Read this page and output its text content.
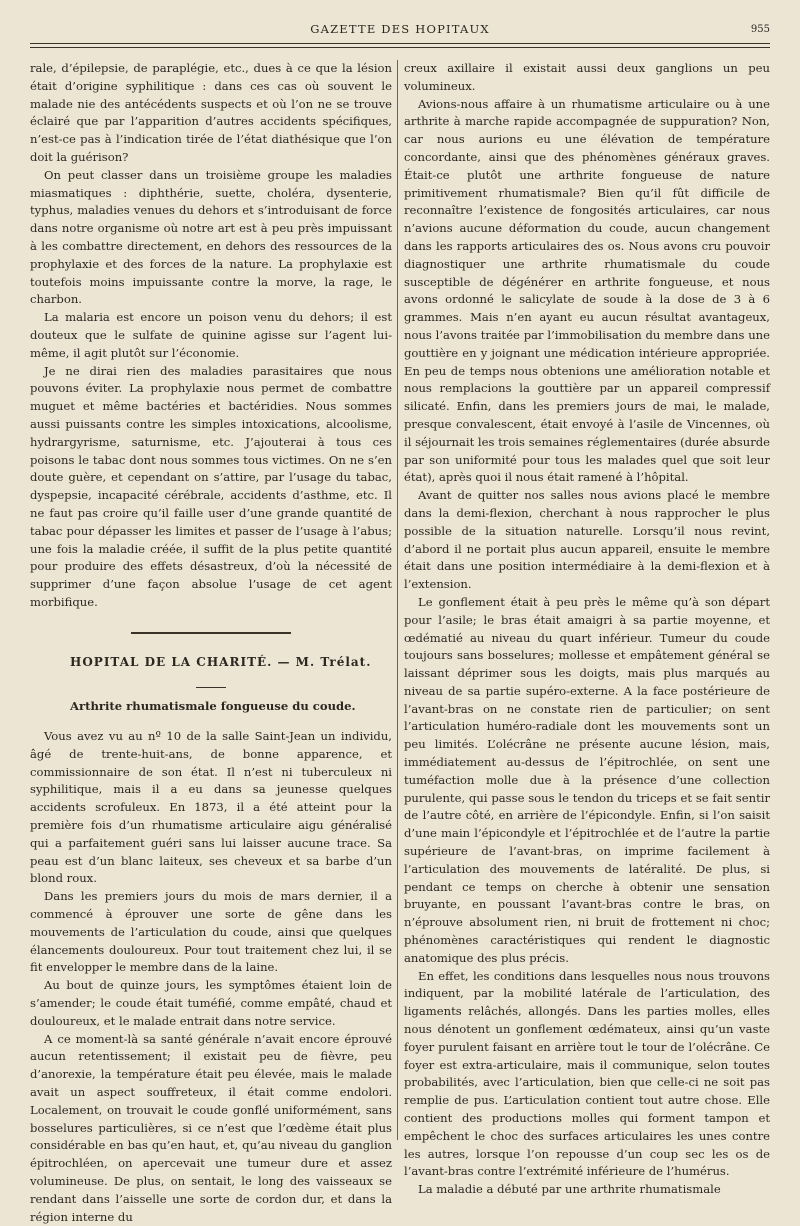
GAZETTE DES HOPITAUX	955

rale, d’épilepsie, de paraplégie, etc., dues à ce que la lésion était d’origine syphilitique : dans ces cas où souvent le malade nie des antécédents suspects et où l’on ne se trouve éclairé que par l’apparition d’autres accidents spécifiques, n’est-ce pas à l’indication tirée de l’état diathésique que l’on doit la guérison?

On peut classer dans un troisième groupe les maladies miasmatiques : diphthérie, suette, choléra, dysenterie, typhus, maladies venues du dehors et s’introduisant de force dans notre organisme où notre art est à peu près impuissant à les combattre directement, en dehors des ressources de la prophylaxie et des forces de la nature. La prophylaxie est toutefois moins impuissante contre la morve, la rage, le charbon.

La malaria est encore un poison venu du dehors; il est douteux que le sulfate de quinine agisse sur l’agent lui-même, il agit plutôt sur l’économie.

Je ne dirai rien des maladies parasitaires que nous pouvons éviter. La prophylaxie nous permet de combattre muguet et même bactéries et bactéridies. Nous sommes aussi puissants contre les simples intoxications, alcoolisme, hydrargyrisme, saturnisme, etc. J’ajouterai à tous ces poisons le tabac dont nous sommes tous victimes. On ne s’en doute guère, et cependant on s’attire, par l’usage du tabac, dyspepsie, incapacité cérébrale, accidents d’asthme, etc. Il ne faut pas croire qu’il faille user d’une grande quantité de tabac pour dépasser les limites et passer de l’usage à l’abus; une fois la maladie créée, il suffit de la plus petite quantité pour produire des effets désastreux, d’où la nécessité de supprimer d’une façon absolue l’usage de cet agent morbifique.

HOPITAL DE LA CHARITÉ. — M. Trélat.
Arthrite rhumatismale fongueuse du coude.

Vous avez vu au nº 10 de la salle Saint-Jean un individu, âgé de trente-huit-ans, de bonne apparence, et commissionnaire de son état. Il n’est ni tuberculeux ni syphilitique, mais il a eu dans sa jeunesse quelques accidents scrofuleux. En 1873, il a été atteint pour la première fois d’un rhumatisme articulaire aigu généralisé qui a parfaitement guéri sans lui laisser aucune trace. Sa peau est d’un blanc laiteux, ses cheveux et sa barbe d’un blond roux.

Dans les premiers jours du mois de mars dernier, il a commencé à éprouver une sorte de gêne dans les mouvements de l’articulation du coude, ainsi que quelques élancements douloureux. Pour tout traitement chez lui, il se fit envelopper le membre dans de la laine.

Au bout de quinze jours, les symptômes étaient loin de s’amender; le coude était tuméfié, comme empâté, chaud et douloureux, et le malade entrait dans notre service.

A ce moment-là sa santé générale n’avait encore éprouvé aucun retentissement; il existait peu de fièvre, peu d’anorexie, la température était peu élevée, mais le malade avait un aspect souffreteux, il était comme endolori. Localement, on trouvait le coude gonflé uniformément, sans bosselures particulières, si ce n’est que l’œdème était plus considérable en bas qu’en haut, et, qu’au niveau du ganglion épitrochléen, on apercevait une tumeur dure et assez volumineuse. De plus, on sentait, le long des vaisseaux se rendant dans l’aisselle une sorte de cordon dur, et dans la région interne du

creux axillaire il existait aussi deux ganglions un peu volumineux.

Avions-nous affaire à un rhumatisme articulaire ou à une arthrite à marche rapide accompagnée de suppuration? Non, car nous aurions eu une élévation de température concordante, ainsi que des phénomènes généraux graves. Était-ce plutôt une arthrite fongueuse de nature primitivement rhumatismale? Bien qu’il fût difficile de reconnaître l’existence de fongosités articulaires, car nous n’avions aucune déformation du coude, aucun changement dans les rapports articulaires des os. Nous avons cru pouvoir diagnostiquer une arthrite rhumatismale du coude susceptible de dégénérer en arthrite fongueuse, et nous avons ordonné le salicylate de soude à la dose de 3 à 6 grammes. Mais n’en ayant eu aucun résultat avantageux, nous l’avons traitée par l’immobilisation du membre dans une gouttière en y joignant une médication intérieure appropriée. En peu de temps nous obtenions une amélioration notable et nous remplacions la gouttière par un appareil compressif silicaté. Enfin, dans les premiers jours de mai, le malade, presque convalescent, était envoyé à l’asile de Vincennes, où il séjournait les trois semaines réglementaires (durée absurde par son uniformité pour tous les malades quel que soit leur état), après quoi il nous était ramené à l’hôpital.

Avant de quitter nos salles nous avions placé le membre dans la demi-flexion, cherchant à nous rapprocher le plus possible de la situation naturelle. Lorsqu’il nous revint, d’abord il ne portait plus aucun appareil, ensuite le membre était dans une position intermédiaire à la demi-flexion et à l’extension.

Le gonflement était à peu près le même qu’à son départ pour l’asile; le bras était amaigri à sa partie moyenne, et œdématié au niveau du quart inférieur. Tumeur du coude toujours sans bosselures; mollesse et empâtement général se laissant déprimer sous les doigts, mais plus marqués au niveau de sa partie supéro-externe. A la face postérieure de l’avant-bras on ne constate rien de particulier; on sent l’articulation huméro-radiale dont les mouvements sont un peu limités. L’olécrâne ne présente aucune lésion, mais, immédiatement au-dessus de l’épitrochlée, on sent une tuméfaction molle due à la présence d’une collection purulente, qui passe sous le tendon du triceps et se fait sentir de l’autre côté, en arrière de l’épicondyle. Enfin, si l’on saisit d’une main l’épicondyle et l’épitrochlée et de l’autre la partie supérieure de l’avant-bras, on imprime facilement à l’articulation des mouvements de latéralité. De plus, si pendant ce temps on cherche à obtenir une sensation bruyante, en poussant l’avant-bras contre le bras, on n’éprouve absolument rien, ni bruit de frottement ni choc; phénomènes caractéristiques qui rendent le diagnostic anatomique des plus précis.

En effet, les conditions dans lesquelles nous nous trouvons indiquent, par la mobilité latérale de l’articulation, des ligaments relâchés, allongés. Dans les parties molles, elles nous dénotent un gonflement œdémateux, ainsi qu’un vaste foyer purulent faisant en arrière tout le tour de l’olécrâne. Ce foyer est extra-articulaire, mais il communique, selon toutes probabilités, avec l’articulation, bien que celle-ci ne soit pas remplie de pus. L’articulation contient tout autre chose. Elle contient des productions molles qui forment tampon et empêchent le choc des surfaces articulaires les unes contre les autres, lorsque l’on repousse d’un coup sec les os de l’avant-bras contre l’extrémité inférieure de l’humérus.

La maladie a débuté par une arthrite rhumatismale
